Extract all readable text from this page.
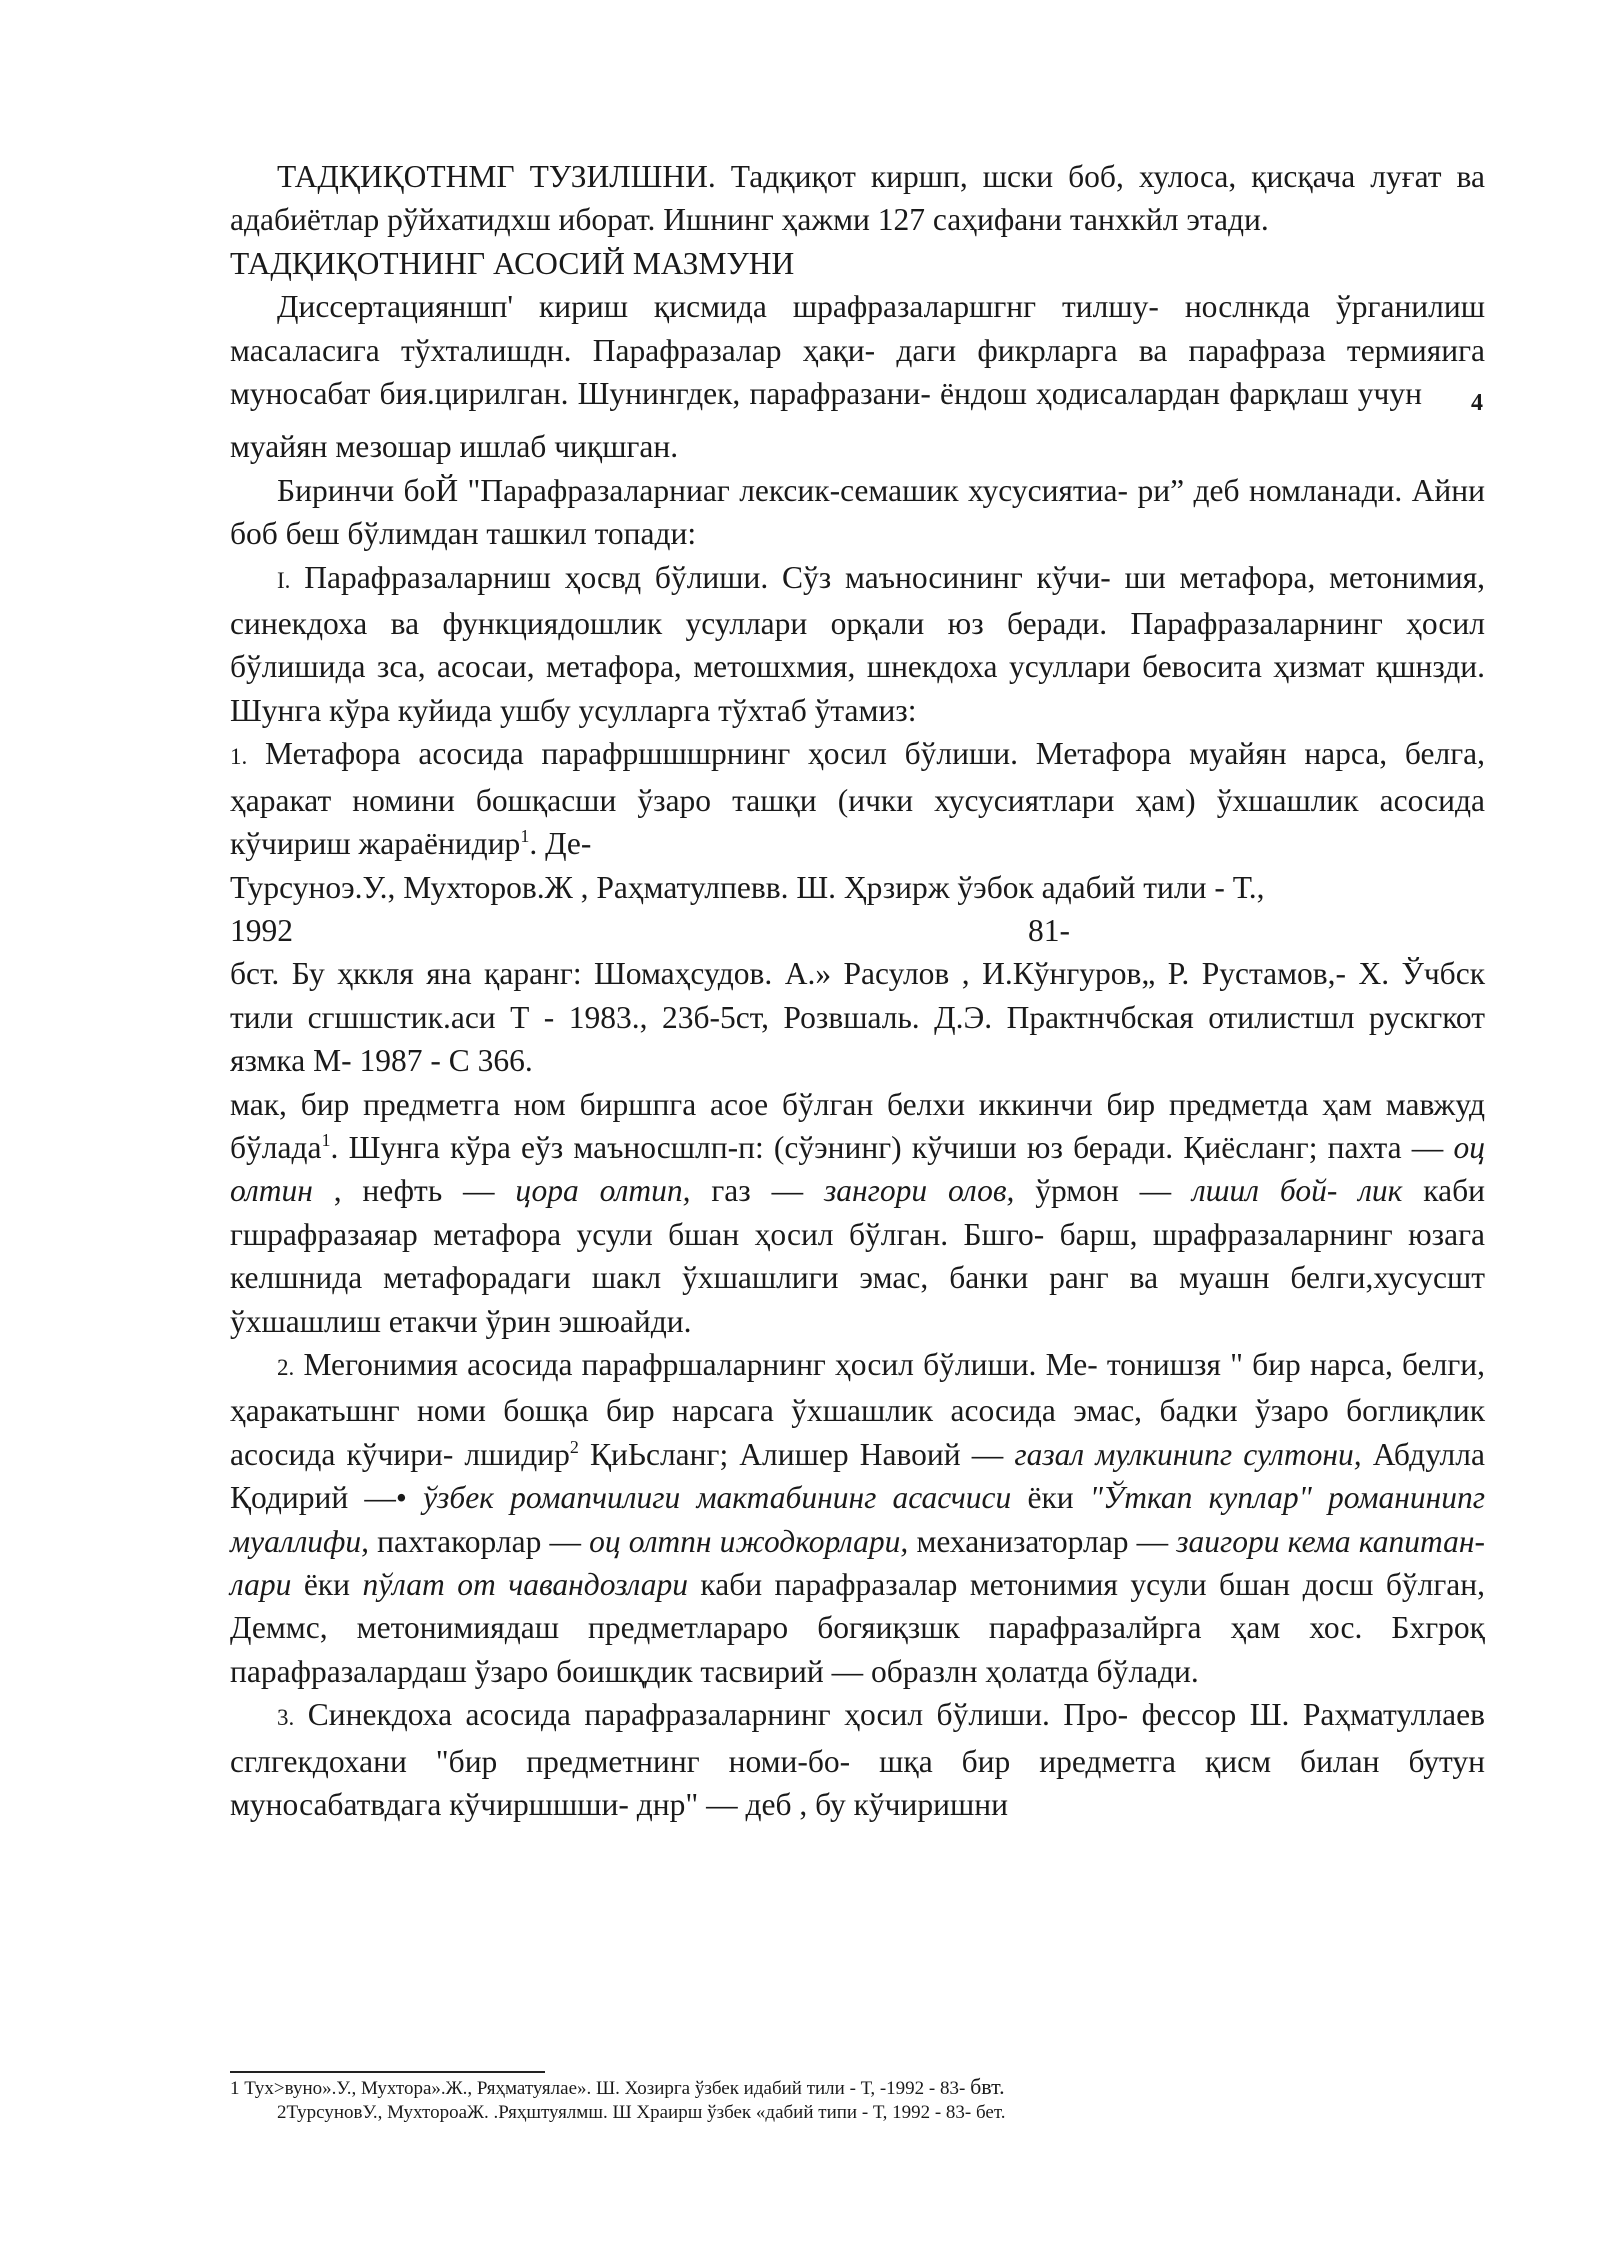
ТАДҚИҚОТНМГ ТУЗИЛШНИ. Тадқиқот киршп, шски боб, хулоса, қисқача луғат ва адабиётлар рўйхатидхш иборат. Ишнинг ҳажми 127 саҳифани танхкйл этади.

ТАДҚИҚОТНИНГ АСОСИЙ МАЗМУНИ

Диссертацияншп' кириш қисмида шрафразаларшгнг тилшу- нослнкда ўрганилиш масаласига тўхталишдн. Парафразалар ҳақи- даги фикрларга ва парафраза термияига муносабат бия.цирилган. Шунингдек, парафразани- ёндош ҳодисалардан фарқлаш учун 4 муайян мезошар ишлаб чиқшган.

Биринчи боЙ "Парафразаларниаг лексик-семашик хусусиятиа- ри” деб номланади. Айни боб беш бўлимдан ташкил топади:

I. Парафразаларниш ҳосвд бўлиши. Сўз маъносининг кўчи- ши метафора, метонимия, синекдоха ва функциядошлик усуллари орқали юз беради. Парафразаларнинг ҳосил бўлишида зса, асосаи, метафора, метошхмия, шнекдоха усуллари бевосита ҳизмат қшнзди. Шунга кўра куйида ушбу усулларга тўхтаб ўтамиз:

1. Метафора асосида парафршшшрнинг ҳосил бўлиши. Метафора муайян нарса, белга, ҳаракат номини бошқасши ўзаро ташқи (ички хусусиятлари ҳам) ўхшашлик асосида кўчириш жараёнидир$^1$. Де-

Турсунoэ.У., Мухторов.Ж , Раҳматулпевв. Ш. Ҳрзирж ўэбок адабий тили - Т.,

1992	81-

бст. Бу ҳккля яна қаранг: Шомаҳсудов. А.» Расулов , И.Кўнгуров„ Р. Рустамов,- Х. Ўчбск тили сгшшстик.аси Т - 1983., 23б-5ст, Розвшаль. Д.Э. Практнчбская отилистшл рускгкот язмка М- 1987 - С 366.

мак, бир предметга ном биршпга асое бўлган белхи иккинчи бир предметда ҳам мавжуд бўлада$^1$. Шунга кўра еўз маъносшлп-п: (сўэнинг) кўчиши юз беради. Қиёсланг; пахта — оц олтин , нефть — цора олтип, газ — зангори олов, ўрмон — лшил бой- лик каби гшрафразаяар метафора усули бшан ҳосил бўлган. Бшго- барш, шрафразаларнинг юзага келшнида метафорадаги шакл ўхшашлиги эмас, банки ранг ва муашн белги,хусусшт ўхшашлиш етакчи ўрин эшюайди.

2. Мегонимия асосида парафршаларнинг ҳосил бўлиши. Ме- тонишзя " бир нарса, белги, ҳаракатьшнг номи бошқа бир нарсага ўхшашлик асосида эмас, бадки ўзаро боглиқлик асосида кўчири- лшидир$^2$ ҚиЬсланг; Алишер Навоий — газал мулкинипг султони, Абдулла Қодирий —• ўзбек ромапчилиги мактабининг асасчиси ёки "Ўткап куплар" романинипг муаллифи, пахтакорлар — оц олтпн ижодкорлари, механизаторлар — заигори кема капитан- лари ёки пўлат от чавандозлари каби парафразалар метонимия усули бшан досш бўлган, Деммс, метонимиядаш предметлараро богяиқзшк парафразалйрга ҳам хос. Бхгроқ парафразалардаш ўзаро боишқдик тасвирий — образлн ҳолатда бўлади.

3. Синекдоха асосида парафразаларнинг ҳосил бўлиши. Про- фессор Ш. Раҳматуллаев сглгекдохани "бир предметнинг номи-бо- шқа бир иредметга қисм билан бутун муносабатвдага кўчиршшши- днр" — деб , бу кўчиришни

1 Тух>вуно».У., Мухтора».Ж., Ряҳматуялае». Ш. Хозирга ўзбек идабий тили - Т, -1992 - 83- бвт.
2ТурсуновУ., МухтороаЖ. .Ряҳштуялмш. Ш Храирш ўзбек «дабий типи - Т, 1992 - 83- бет.
